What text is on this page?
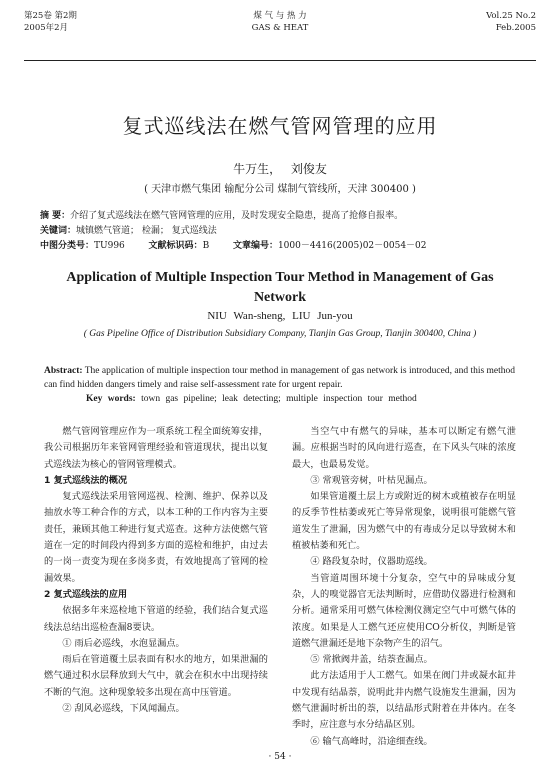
第25卷 第2期
2005年2月
煤 气 与 热 力
GAS & HEAT
Vol.25 No.2
Feb.2005
复式巡线法在燃气管网管理的应用
牛万生， 刘俊友
( 天津市燃气集团 输配分公司 煤制气管线所，天津 300400 )
摘 要：介绍了复式巡线法在燃气管网管理的应用，及时发现安全隐患，提高了抢修自报率。
关键词：城镇燃气管道； 检漏； 复式巡线法
中图分类号：TU996	文献标识码：B	文章编号：1000－4416(2005)02－0054－02
Application of Multiple Inspection Tour Method in Management of Gas Network
NIU Wan-sheng, LIU Jun-you
( Gas Pipeline Office of Distribution Subsidiary Company, Tianjin Gas Group, Tianjin 300400, China )
Abstract: The application of multiple inspection tour method in management of gas network is introduced, and this method can find hidden dangers timely and raise self-assessment rate for urgent repair.
Key words: town gas pipeline; leak detecting; multiple inspection tour method

燃气管网管理应作为一项系统工程全面统筹安排，我公司根据历年来管网管理经验和管道现状，提出以复式巡线法为核心的管网管理模式。

1 复式巡线法的概况

复式巡线法采用管网巡视、检测、维护、保养以及抽放水等工种合作的方式，以本工种的工作内容为主要责任，兼顾其他工种进行复式巡查。这种方法使燃气管道在一定的时间段内得到多方面的巡检和维护，由过去的一岗一责变为现在多岗多责，有效地提高了管网的检漏效果。

2 复式巡线法的应用

依据多年来巡检地下管道的经验，我们结合复式巡线法总结出巡检查漏8要诀。

① 雨后必巡线，水泡显漏点。

雨后在管道覆土层表面有积水的地方，如果泄漏的燃气通过积水层释放到大气中，就会在积水中出现持续不断的气泡。这种现象较多出现在高中压管道。

② 刮风必巡线，下风闻漏点。

当空气中有燃气的异味，基本可以断定有燃气泄漏。应根据当时的风向进行巡查，在下风头气味的浓度最大，也最易发觉。

③ 常观管旁树，叶枯见漏点。

如果管道覆土层上方或附近的树木或植被存在明显的反季节性枯萎或死亡等异常现象，说明很可能燃气管道发生了泄漏，因为燃气中的有毒成分足以导致树木和植被枯萎和死亡。

④ 路段复杂时，仪器助巡线。

当管道周围环境十分复杂，空气中的异味成分复杂，人的嗅觉器官无法判断时，应借助仪器进行检测和分析。通常采用可燃气体检测仪测定空气中可燃气体的浓度。如果是人工燃气还应使用CO分析仪，判断是管道燃气泄漏还是地下杂物产生的沼气。

⑤ 常掀阀井盖，结萘查漏点。

此方法适用于人工燃气。如果在阀门井或凝水缸井中发现有结晶萘，说明此井内燃气设施发生泄漏，因为燃气泄漏时析出的萘，以结晶形式附着在井体内。在冬季时，应注意与水分结晶区别。

⑥ 输气高峰时，沿途细查线。

· 54 ·
